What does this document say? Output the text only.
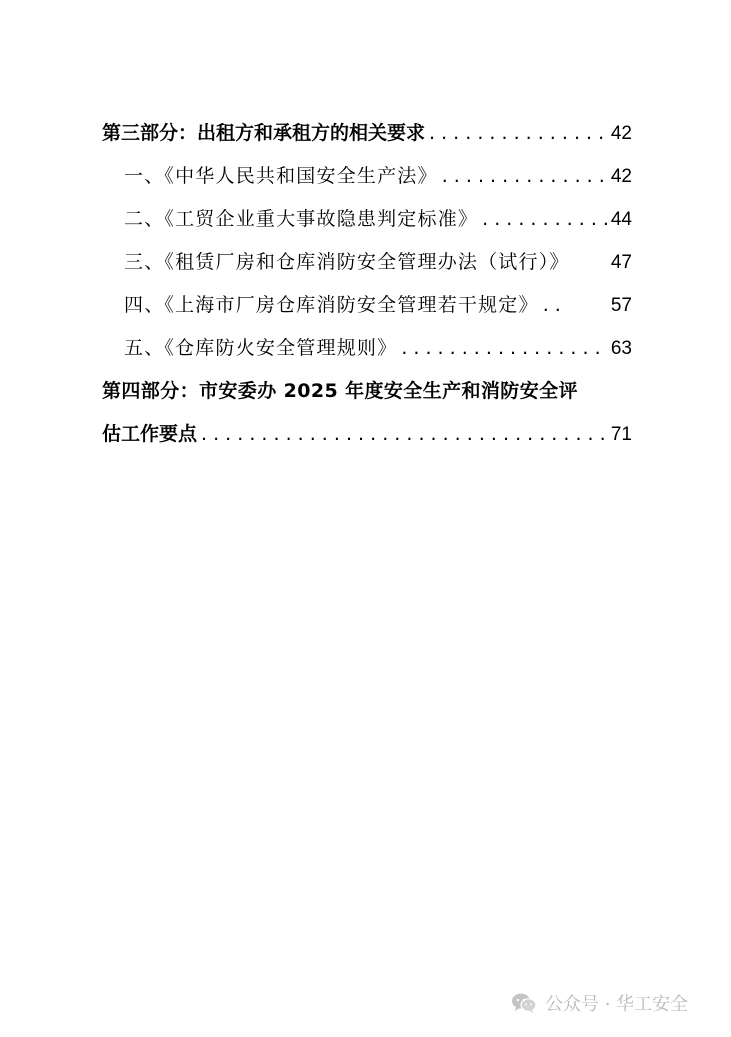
第三部分：出租方和承租方的相关要求 . . .	42
一、《中华人民共和国安全生产法》 . . .	42
二、《工贸企业重大事故隐患判定标准》 . . .	44
三、《租赁厂房和仓库消防安全管理办法（试行）》 47
四、《上海市厂房仓库消防安全管理若干规定》 . .	57
五、《仓库防火安全管理规则》 . . .	63
第四部分：市安委办 2025 年度安全生产和消防安全评
估工作要点 . . .	71
公众号 · 华工安全
